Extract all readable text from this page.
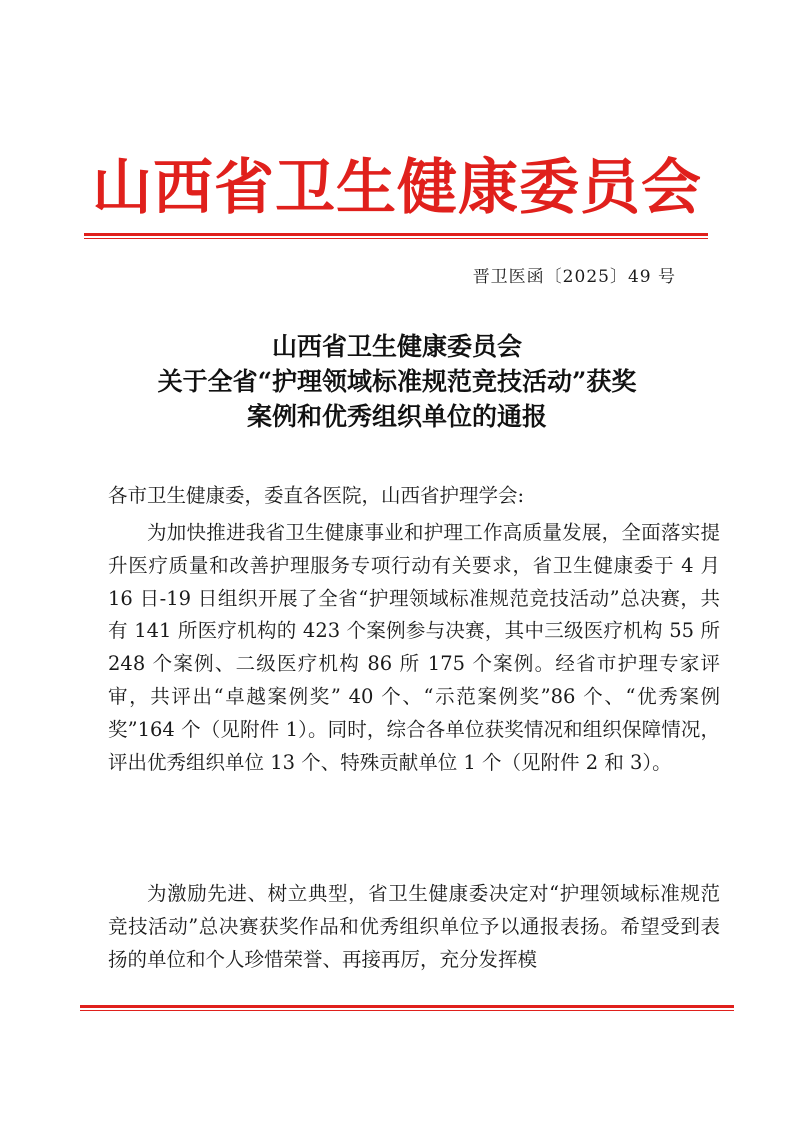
山西省卫生健康委员会
晋卫医函〔2025〕49 号
山西省卫生健康委员会
关于全省“护理领域标准规范竞技活动”获奖
案例和优秀组织单位的通报
各市卫生健康委，委直各医院，山西省护理学会:

为加快推进我省卫生健康事业和护理工作高质量发展，全面落实提升医疗质量和改善护理服务专项行动有关要求，省卫生健康委于 4 月 16 日-19 日组织开展了全省“护理领域标准规范竞技活动”总决赛，共有 141 所医疗机构的 423 个案例参与决赛，其中三级医疗机构 55 所 248 个案例、二级医疗机构 86 所 175 个案例。经省市护理专家评审，共评出“卓越案例奖” 40 个、“示范案例奖”86 个、“优秀案例奖”164 个（见附件 1）。同时，综合各单位获奖情况和组织保障情况，评出优秀组织单位 13 个、特殊贡献单位 1 个（见附件 2 和 3）。

为激励先进、树立典型，省卫生健康委决定对“护理领域标准规范竞技活动”总决赛获奖作品和优秀组织单位予以通报表扬。希望受到表扬的单位和个人珍惜荣誉、再接再厉，充分发挥模
